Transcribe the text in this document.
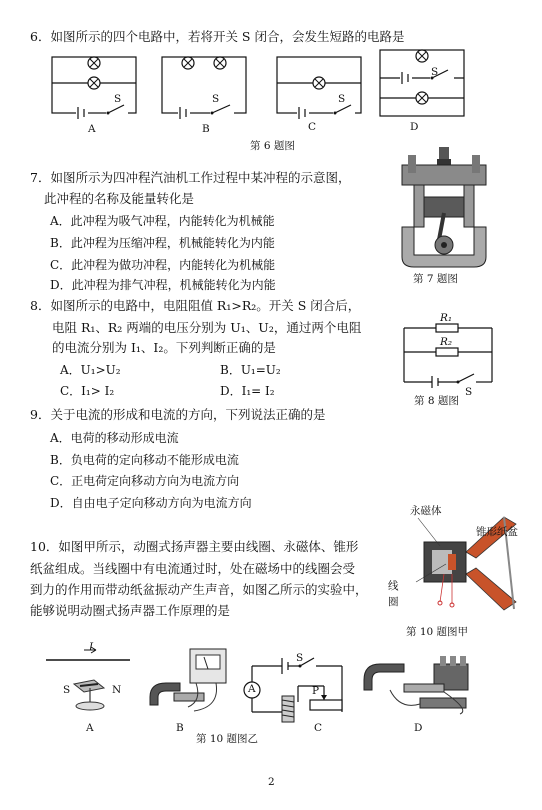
6．如图所示的四个电路中，若将开关 S 闭合，会发生短路的电路是
S
A
S
B
S
C
S
D
第 6 题图
7．如图所示为四冲程汽油机工作过程中某冲程的示意图，
此冲程的名称及能量转化是
A．此冲程为吸气冲程，内能转化为机械能
B．此冲程为压缩冲程，机械能转化为内能
C．此冲程为做功冲程，内能转化为机械能
D．此冲程为排气冲程，机械能转化为内能	第 7 题图
8．如图所示的电路中，电阻阻值 R₁>R₂。开关 S 闭合后，
电阻 R₁、R₂ 两端的电压分别为 U₁、U₂，通过两个电阻
的电流分别为 I₁、I₂。下列判断正确的是
A．U₁>U₂	B．U₁=U₂
C．I₁> I₂	D．I₁= I₂
R₁
R₂
S
第 8 题图
9．关于电流的形成和电流的方向，下列说法正确的是
A．电荷的移动形成电流
B．负电荷的定向移动不能形成电流
C．正电荷定向移动方向为电流方向
D．自由电子定向移动方向为电流方向
10．如图甲所示，动圈式扬声器主要由线圈、永磁体、锥形
纸盆组成。当线圈中有电流通过时，处在磁场中的线圈会受
到力的作用而带动纸盆振动产生声音，如图乙所示的实验中，
能够说明动圈式扬声器工作原理的是
永磁体
锥形纸盆
线
圈
第 10 题图甲
I
S	N
A	B
A
S
P
C	D
第 10 题图乙
2
